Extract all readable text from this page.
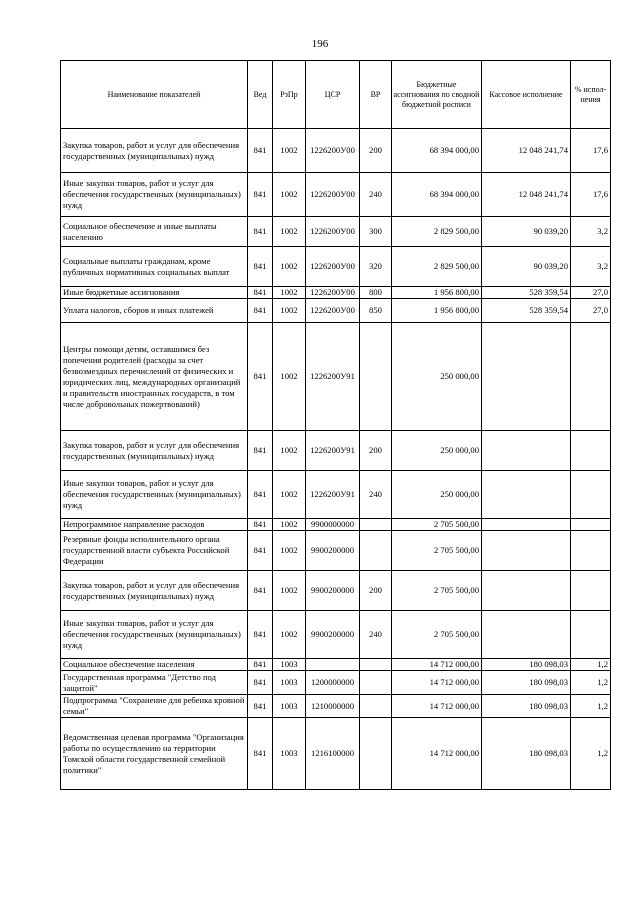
196
Наименование показателей	Вед	РзПр	ЦСР	ВР	Бюджетные ассигнования по сводной бюджетной росписи	Кассовое исполнение	% испол-нения
Закупка товаров, работ и услуг для обеспечения государственных (муниципальных) нужд	841	1002	1226200У00	200	68 394 000,00	12 048 241,74	17,6
Иные закупки товаров, работ и услуг для обеспечения государственных (муниципальных) нужд	841	1002	1226200У00	240	68 394 000,00	12 048 241,74	17,6
Социальное обеспечение и иные выплаты населению	841	1002	1226200У00	300	2 829 500,00	90 039,20	3,2
Социальные выплаты гражданам, кроме публичных нормативных социальных выплат	841	1002	1226200У00	320	2 829 500,00	90 039,20	3,2
Иные бюджетные ассигнования	841	1002	1226200У00	800	1 956 800,00	528 359,54	27,0
Уплата налогов, сборов и иных платежей	841	1002	1226200У00	850	1 956 800,00	528 359,54	27,0
Центры помощи детям, оставшимся без попечения родителей (расходы за счет безвозмездных перечислений от физических и юридических лиц, международных организаций и правительств иностранных государств, в том числе добровольных пожертвований)	841	1002	1226200У91		250 000,00		
Закупка товаров, работ и услуг для обеспечения государственных (муниципальных) нужд	841	1002	1226200У91	200	250 000,00		
Иные закупки товаров, работ и услуг для обеспечения государственных (муниципальных) нужд	841	1002	1226200У91	240	250 000,00		
Непрограммное направление расходов	841	1002	9900000000		2 705 500,00		
Резервные фонды исполнительного органа государственной власти субъекта Российской Федерации	841	1002	9900200000		2 705 500,00		
Закупка товаров, работ и услуг для обеспечения государственных (муниципальных) нужд	841	1002	9900200000	200	2 705 500,00		
Иные закупки товаров, работ и услуг для обеспечения государственных (муниципальных) нужд	841	1002	9900200000	240	2 705 500,00		
Социальное обеспечение населения	841	1003			14 712 000,00	180 098,03	1,2
Государственная программа "Детство под защитой"	841	1003	1200000000		14 712 000,00	180 098,03	1,2
Подпрограмма "Сохранение для ребенка кровной семьи"	841	1003	1210000000		14 712 000,00	180 098,03	1,2
Ведомственная целевая программа "Организация работы по осуществлению на территории Томской области государственной семейной политики"	841	1003	1216100000		14 712 000,00	180 098,03	1,2
